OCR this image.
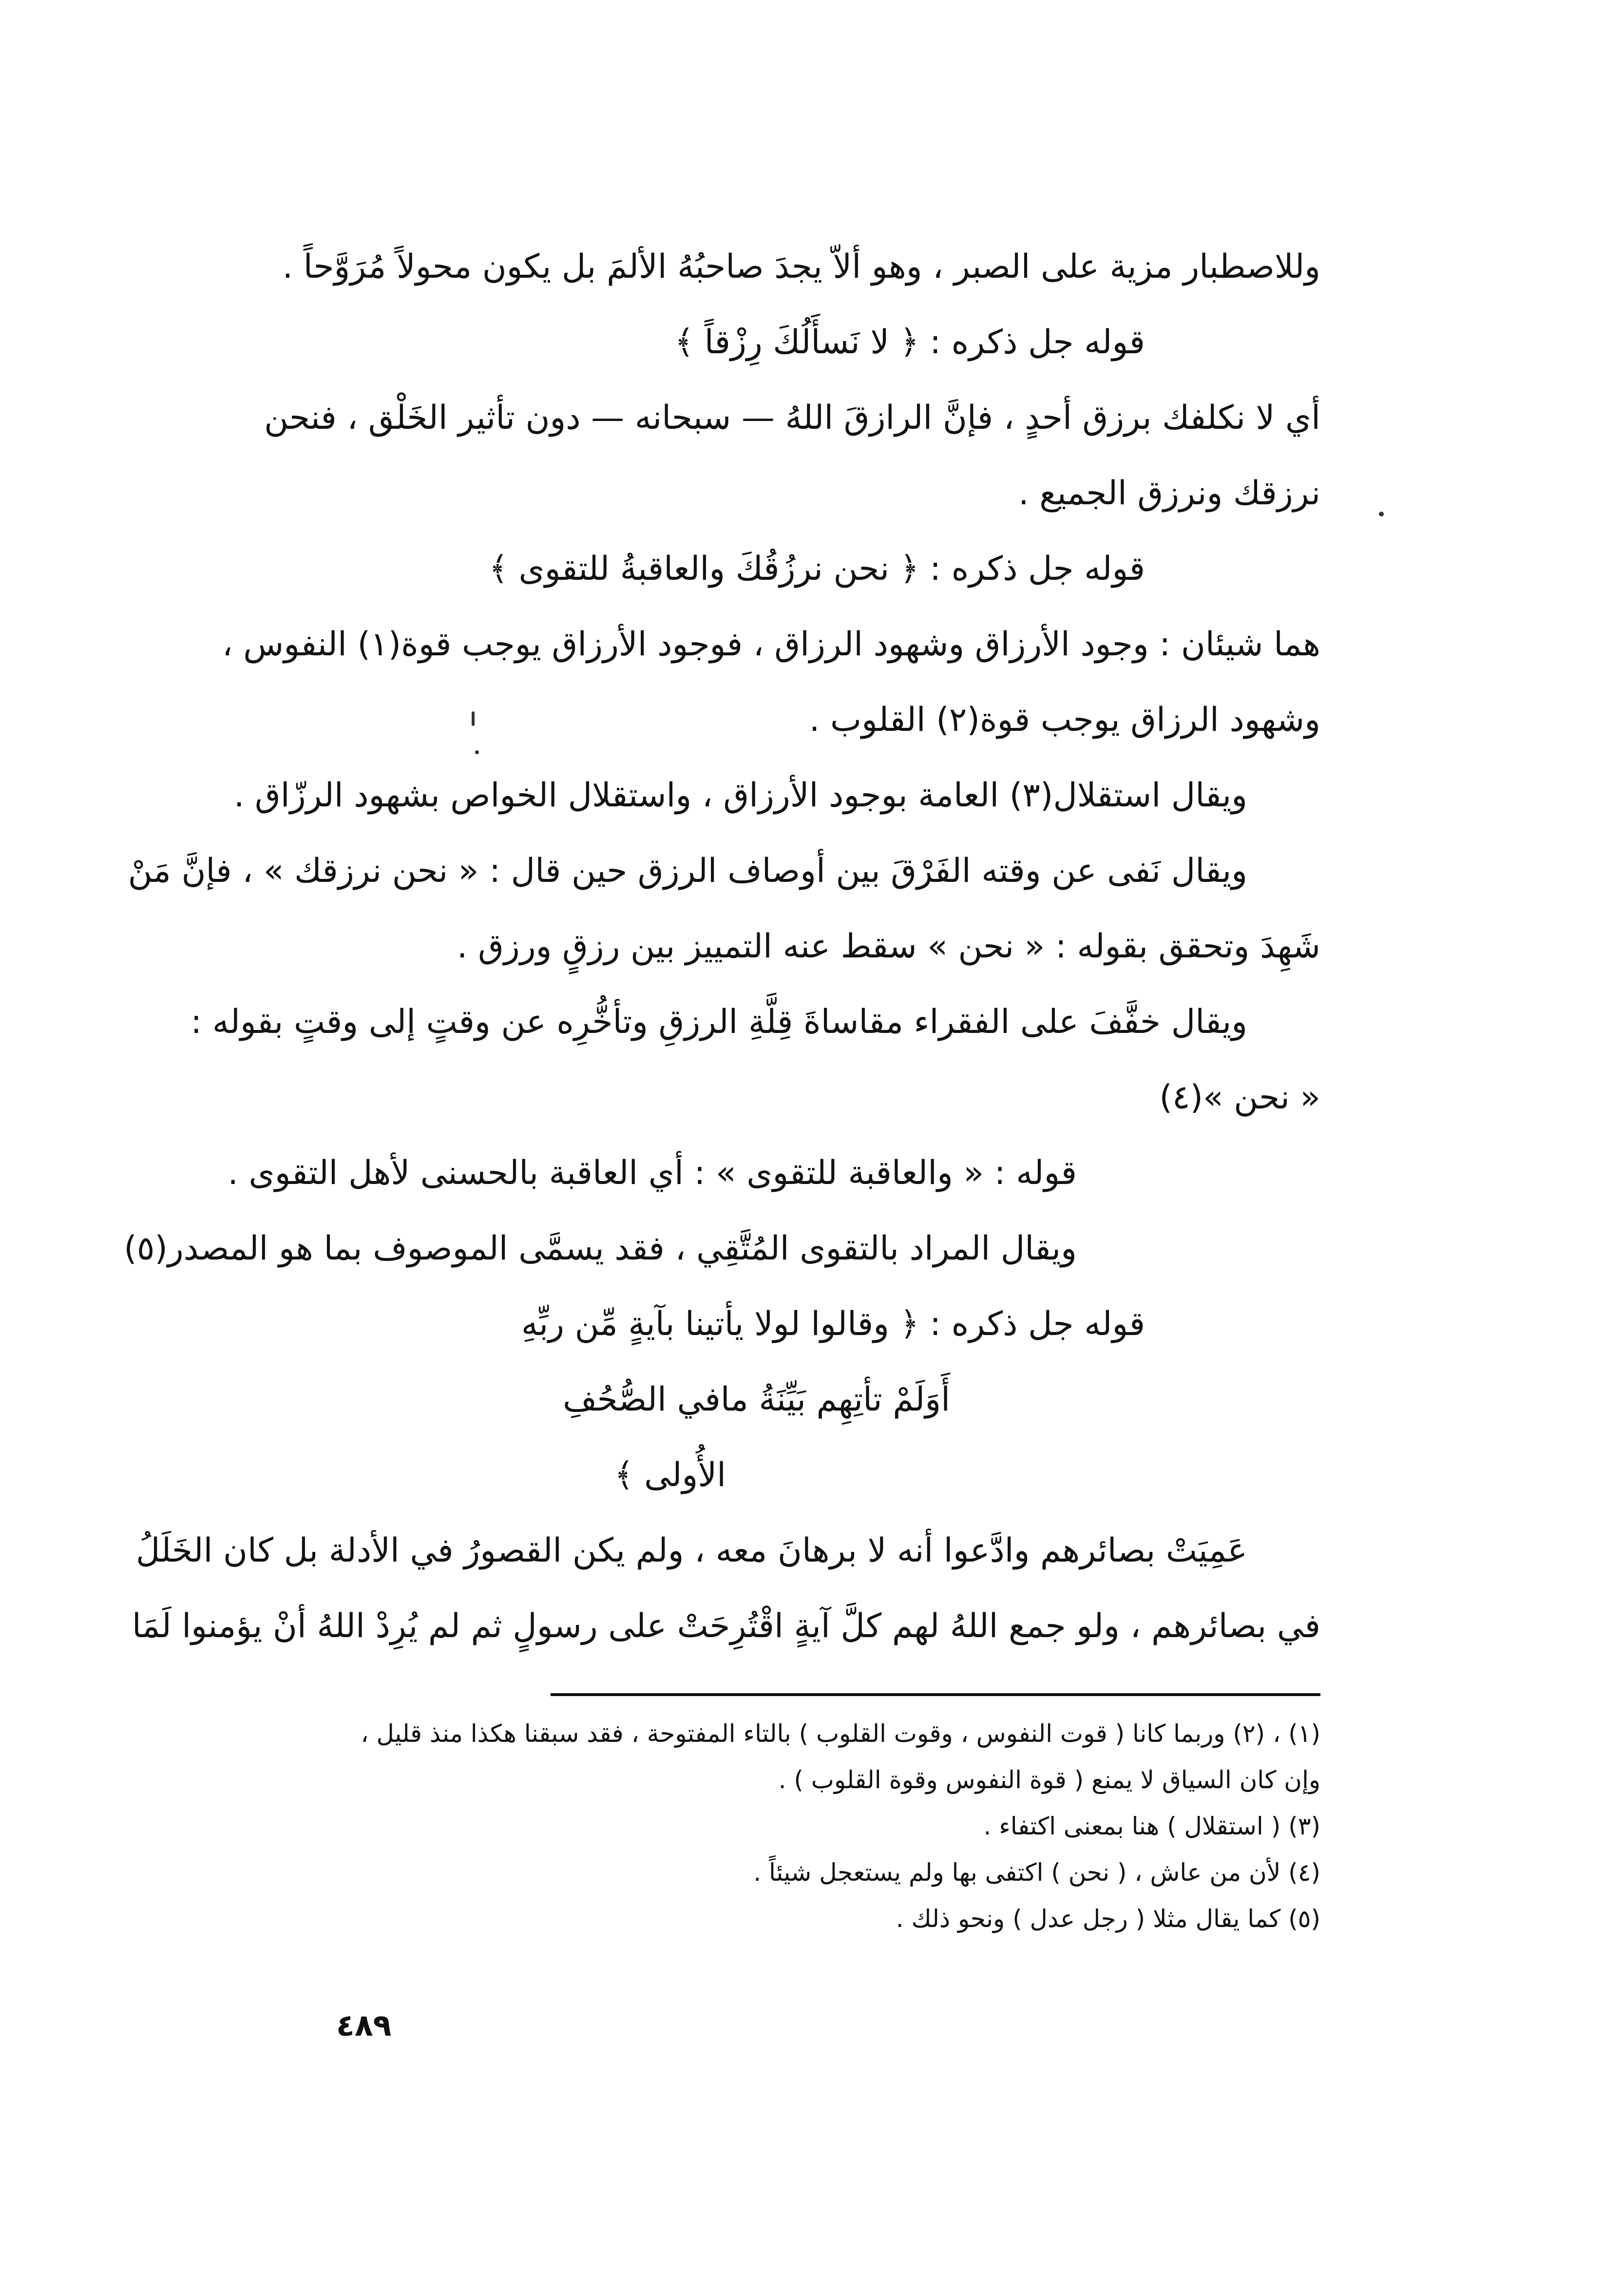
وللاصطبار مزية على الصبر ، وهو ألاّ يجدَ صاحبُهُ الألمَ بل يكون محولاً مُرَوَّحاً .
قوله جل ذكره : ﴿ لا نَسأَلُكَ رِزْقاً ﴾
أي لا نكلفك برزق أحدٍ ، فإنَّ الرازقَ اللهُ — سبحانه — دون تأثير الخَلْق ، فنحن
نرزقك ونرزق الجميع .
قوله جل ذكره : ﴿ نحن نرزُقُكَ والعاقبةُ للتقوى ﴾
هما شيئان : وجود الأرزاق وشهود الرزاق ، فوجود الأرزاق يوجب قوة(١) النفوس ،
وشهود الرزاق يوجب قوة(٢) القلوب .
ويقال استقلال(٣) العامة بوجود الأرزاق ، واستقلال الخواص بشهود الرزّاق .
ويقال نَفى عن وقته الفَرْقَ بين أوصاف الرزق حين قال : « نحن نرزقك » ، فإنَّ مَنْ
شَهِدَ وتحقق بقوله : « نحن » سقط عنه التمييز بين رزقٍ ورزق .
ويقال خفَّفَ على الفقراء مقاساةَ قِلَّةِ الرزقِ وتأخُّرِه عن وقتٍ إلى وقتٍ بقوله :
« نحن »(٤)
قوله : « والعاقبة للتقوى » : أي العاقبة بالحسنى لأهل التقوى .
ويقال المراد بالتقوى المُتَّقِي ، فقد يسمَّى الموصوف بما هو المصدر(٥)
قوله جل ذكره : ﴿ وقالوا لولا يأتينا بآيةٍ مِّن ربِّهِ
أَوَلَمْ تأتِهِم بَيِّنَةُ مافي الصُّحُفِ
الأُولى ﴾
عَمِيَتْ بصائرهم وادَّعوا أنه لا برهانَ معه ، ولم يكن القصورُ في الأدلة بل كان الخَلَلُ
في بصائرهم ، ولو جمع اللهُ لهم كلَّ آيةٍ اقْتُرِحَتْ على رسولٍ ثم لم يُرِدْ اللهُ أنْ يؤمنوا لَمَا
(١) ، (٢) وربما كانا ( قوت النفوس ، وقوت القلوب ) بالتاء المفتوحة ، فقد سبقنا هكذا منذ قليل ،
وإن كان السياق لا يمنع ( قوة النفوس وقوة القلوب ) .
(٣) ( استقلال ) هنا بمعنى اكتفاء .
(٤) لأن من عاش ، ( نحن ) اكتفى بها ولم يستعجل شيئاً .
(٥) كما يقال مثلا ( رجل عدل ) ونحو ذلك .
٤٨٩
